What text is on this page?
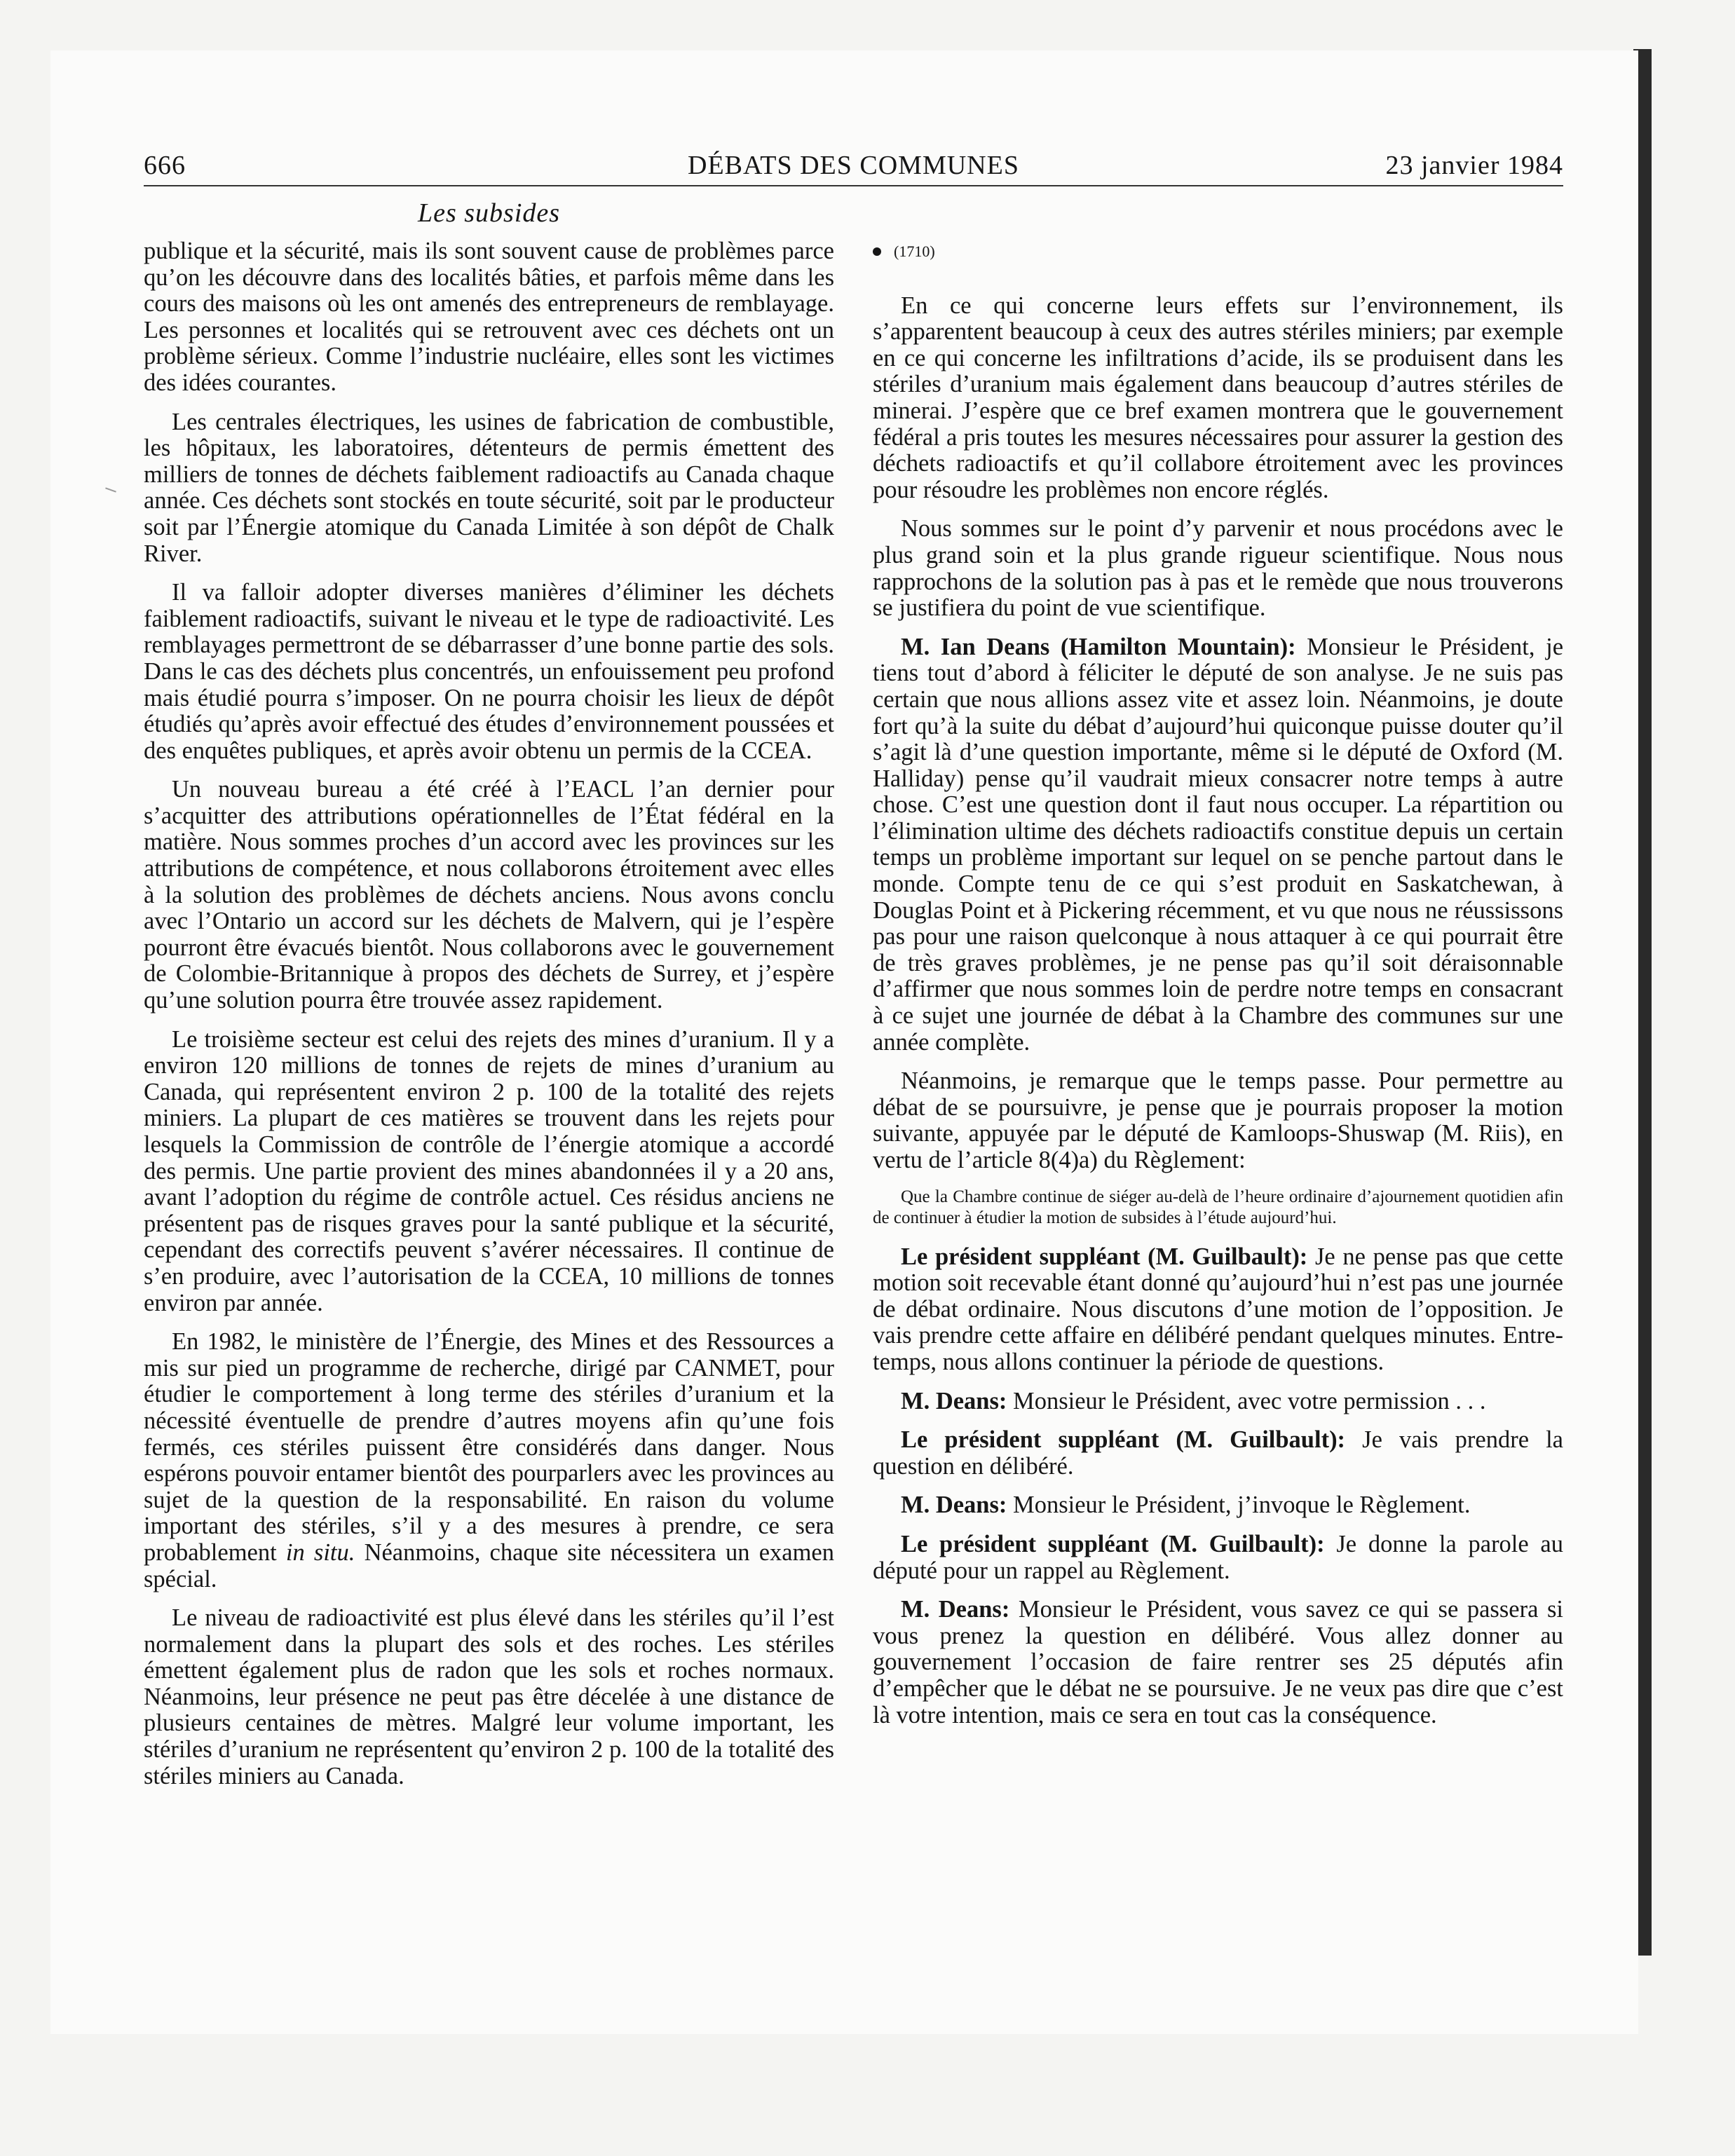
666	DÉBATS DES COMMUNES	23 janvier 1984
Les subsides

publique et la sécurité, mais ils sont souvent cause de problèmes parce qu’on les découvre dans des localités bâties, et parfois même dans les cours des maisons où les ont amenés des entrepreneurs de remblayage. Les personnes et localités qui se retrouvent avec ces déchets ont un problème sérieux. Comme l’industrie nucléaire, elles sont les victimes des idées courantes.

Les centrales électriques, les usines de fabrication de combustible, les hôpitaux, les laboratoires, détenteurs de permis émettent des milliers de tonnes de déchets faiblement radioactifs au Canada chaque année. Ces déchets sont stockés en toute sécurité, soit par le producteur soit par l’Énergie atomique du Canada Limitée à son dépôt de Chalk River.

Il va falloir adopter diverses manières d’éliminer les déchets faiblement radioactifs, suivant le niveau et le type de radioactivité. Les remblayages permettront de se débarrasser d’une bonne partie des sols. Dans le cas des déchets plus concentrés, un enfouissement peu profond mais étudié pourra s’imposer. On ne pourra choisir les lieux de dépôt étudiés qu’après avoir effectué des études d’environnement poussées et des enquêtes publiques, et après avoir obtenu un permis de la CCEA.

Un nouveau bureau a été créé à l’EACL l’an dernier pour s’acquitter des attributions opérationnelles de l’État fédéral en la matière. Nous sommes proches d’un accord avec les provinces sur les attributions de compétence, et nous collaborons étroitement avec elles à la solution des problèmes de déchets anciens. Nous avons conclu avec l’Ontario un accord sur les déchets de Malvern, qui je l’espère pourront être évacués bientôt. Nous collaborons avec le gouvernement de Colombie-Britannique à propos des déchets de Surrey, et j’espère qu’une solution pourra être trouvée assez rapidement.

Le troisième secteur est celui des rejets des mines d’uranium. Il y a environ 120 millions de tonnes de rejets de mines d’uranium au Canada, qui représentent environ 2 p. 100 de la totalité des rejets miniers. La plupart de ces matières se trouvent dans les rejets pour lesquels la Commission de contrôle de l’énergie atomique a accordé des permis. Une partie provient des mines abandonnées il y a 20 ans, avant l’adoption du régime de contrôle actuel. Ces résidus anciens ne présentent pas de risques graves pour la santé publique et la sécurité, cependant des correctifs peuvent s’avérer nécessaires. Il continue de s’en produire, avec l’autorisation de la CCEA, 10 millions de tonnes environ par année.

En 1982, le ministère de l’Énergie, des Mines et des Ressources a mis sur pied un programme de recherche, dirigé par CANMET, pour étudier le comportement à long terme des stériles d’uranium et la nécessité éventuelle de prendre d’autres moyens afin qu’une fois fermés, ces stériles puissent être considérés dans danger. Nous espérons pouvoir entamer bientôt des pourparlers avec les provinces au sujet de la question de la responsabilité. En raison du volume important des stériles, s’il y a des mesures à prendre, ce sera probablement in situ. Néanmoins, chaque site nécessitera un examen spécial.

Le niveau de radioactivité est plus élevé dans les stériles qu’il l’est normalement dans la plupart des sols et des roches. Les stériles émettent également plus de radon que les sols et roches normaux. Néanmoins, leur présence ne peut pas être décelée à une distance de plusieurs centaines de mètres. Malgré leur volume important, les stériles d’uranium ne représentent qu’environ 2 p. 100 de la totalité des stériles miniers au Canada.

(1710)

En ce qui concerne leurs effets sur l’environnement, ils s’apparentent beaucoup à ceux des autres stériles miniers; par exemple en ce qui concerne les infiltrations d’acide, ils se produisent dans les stériles d’uranium mais également dans beaucoup d’autres stériles de minerai. J’espère que ce bref examen montrera que le gouvernement fédéral a pris toutes les mesures nécessaires pour assurer la gestion des déchets radioactifs et qu’il collabore étroitement avec les provinces pour résoudre les problèmes non encore réglés.

Nous sommes sur le point d’y parvenir et nous procédons avec le plus grand soin et la plus grande rigueur scientifique. Nous nous rapprochons de la solution pas à pas et le remède que nous trouverons se justifiera du point de vue scientifique.

M. Ian Deans (Hamilton Mountain): Monsieur le Président, je tiens tout d’abord à féliciter le député de son analyse. Je ne suis pas certain que nous allions assez vite et assez loin. Néanmoins, je doute fort qu’à la suite du débat d’aujourd’hui quiconque puisse douter qu’il s’agit là d’une question importante, même si le député de Oxford (M. Halliday) pense qu’il vaudrait mieux consacrer notre temps à autre chose. C’est une question dont il faut nous occuper. La répartition ou l’élimination ultime des déchets radioactifs constitue depuis un certain temps un problème important sur lequel on se penche partout dans le monde. Compte tenu de ce qui s’est produit en Saskatchewan, à Douglas Point et à Pickering récemment, et vu que nous ne réussissons pas pour une raison quelconque à nous attaquer à ce qui pourrait être de très graves problèmes, je ne pense pas qu’il soit déraisonnable d’affirmer que nous sommes loin de perdre notre temps en consacrant à ce sujet une journée de débat à la Chambre des communes sur une année complète.

Néanmoins, je remarque que le temps passe. Pour permettre au débat de se poursuivre, je pense que je pourrais proposer la motion suivante, appuyée par le député de Kamloops-Shuswap (M. Riis), en vertu de l’article 8(4)a) du Règlement:

Que la Chambre continue de siéger au-delà de l’heure ordinaire d’ajournement quotidien afin de continuer à étudier la motion de subsides à l’étude aujourd’hui.

Le président suppléant (M. Guilbault): Je ne pense pas que cette motion soit recevable étant donné qu’aujourd’hui n’est pas une journée de débat ordinaire. Nous discutons d’une motion de l’opposition. Je vais prendre cette affaire en délibéré pendant quelques minutes. Entre-temps, nous allons continuer la période de questions.

M. Deans: Monsieur le Président, avec votre permission . . .

Le président suppléant (M. Guilbault): Je vais prendre la question en délibéré.

M. Deans: Monsieur le Président, j’invoque le Règlement.

Le président suppléant (M. Guilbault): Je donne la parole au député pour un rappel au Règlement.

M. Deans: Monsieur le Président, vous savez ce qui se passera si vous prenez la question en délibéré. Vous allez donner au gouvernement l’occasion de faire rentrer ses 25 députés afin d’empêcher que le débat ne se poursuive. Je ne veux pas dire que c’est là votre intention, mais ce sera en tout cas la conséquence.
